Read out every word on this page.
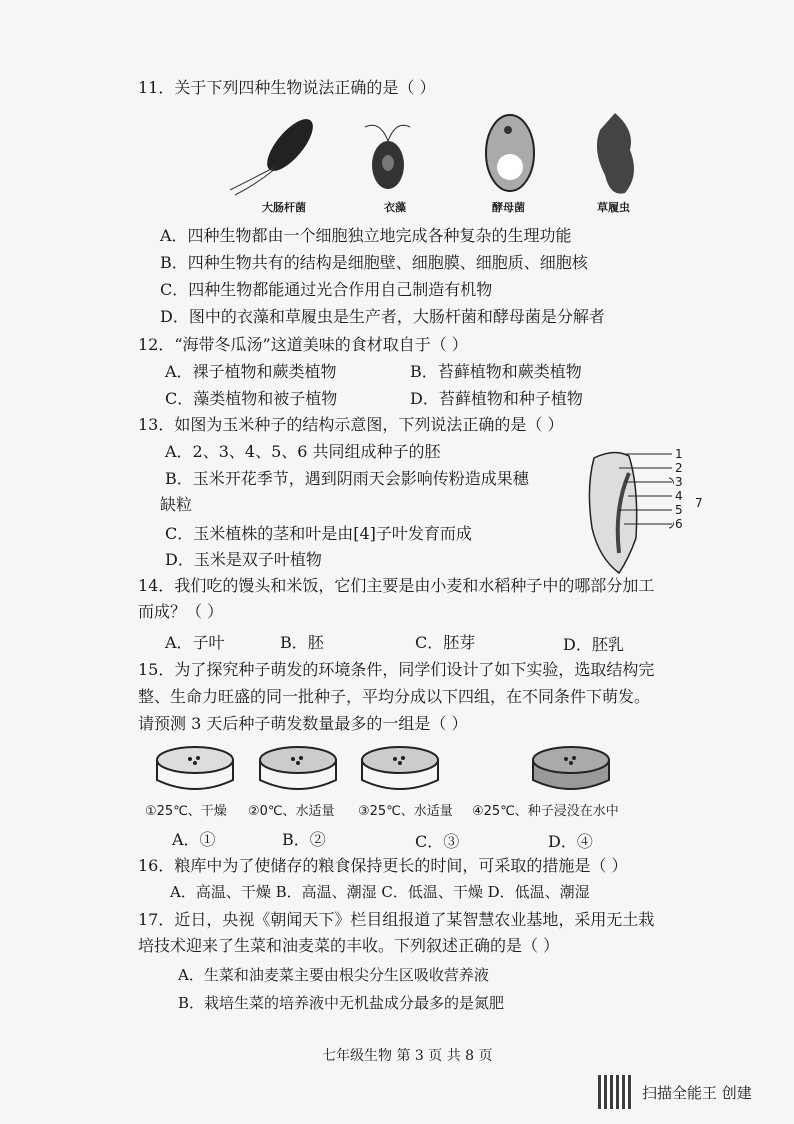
11．关于下列四种生物说法正确的是（ ）
大肠杆菌	衣藻	酵母菌	草履虫
A．四种生物都由一个细胞独立地完成各种复杂的生理功能
B．四种生物共有的结构是细胞壁、细胞膜、细胞质、细胞核
C．四种生物都能通过光合作用自己制造有机物
D．图中的衣藻和草履虫是生产者，大肠杆菌和酵母菌是分解者
12．“海带冬瓜汤”这道美味的食材取自于（ ）
A．裸子植物和蕨类植物	B．苔藓植物和蕨类植物
C．藻类植物和被子植物	D．苔藓植物和种子植物
13．如图为玉米种子的结构示意图，下列说法正确的是（ ）
A．2、3、4、5、6 共同组成种子的胚
B．玉米开花季节，遇到阴雨天会影响传粉造成果穗
缺粒
C．玉米植株的茎和叶是由[4]子叶发育而成
D．玉米是双子叶植物
1
2
3
4
5
6
7
14．我们吃的馒头和米饭，它们主要是由小麦和水稻种子中的哪部分加工
而成？（ ）
A．子叶	B．胚	C．胚芽	D．胚乳
15．为了探究种子萌发的环境条件，同学们设计了如下实验，选取结构完
整、生命力旺盛的同一批种子，平均分成以下四组，在不同条件下萌发。
请预测 3 天后种子萌发数量最多的一组是（ ）
①25℃、干燥 ②0℃、水适量 ③25℃、水适量 ④25℃、种子浸没在水中
A．①	B．②	C．③	D．④
16．粮库中为了使储存的粮食保持更长的时间，可采取的措施是（ ）
A．高温、干燥 B．高温、潮湿 C．低温、干燥 D．低温、潮湿
17．近日，央视《朝闻天下》栏目组报道了某智慧农业基地，采用无土栽
培技术迎来了生菜和油麦菜的丰收。下列叙述正确的是（ ）
A．生菜和油麦菜主要由根尖分生区吸收营养液
B．栽培生菜的培养液中无机盐成分最多的是氮肥
七年级生物 第 3 页 共 8 页
扫描全能王 创建
